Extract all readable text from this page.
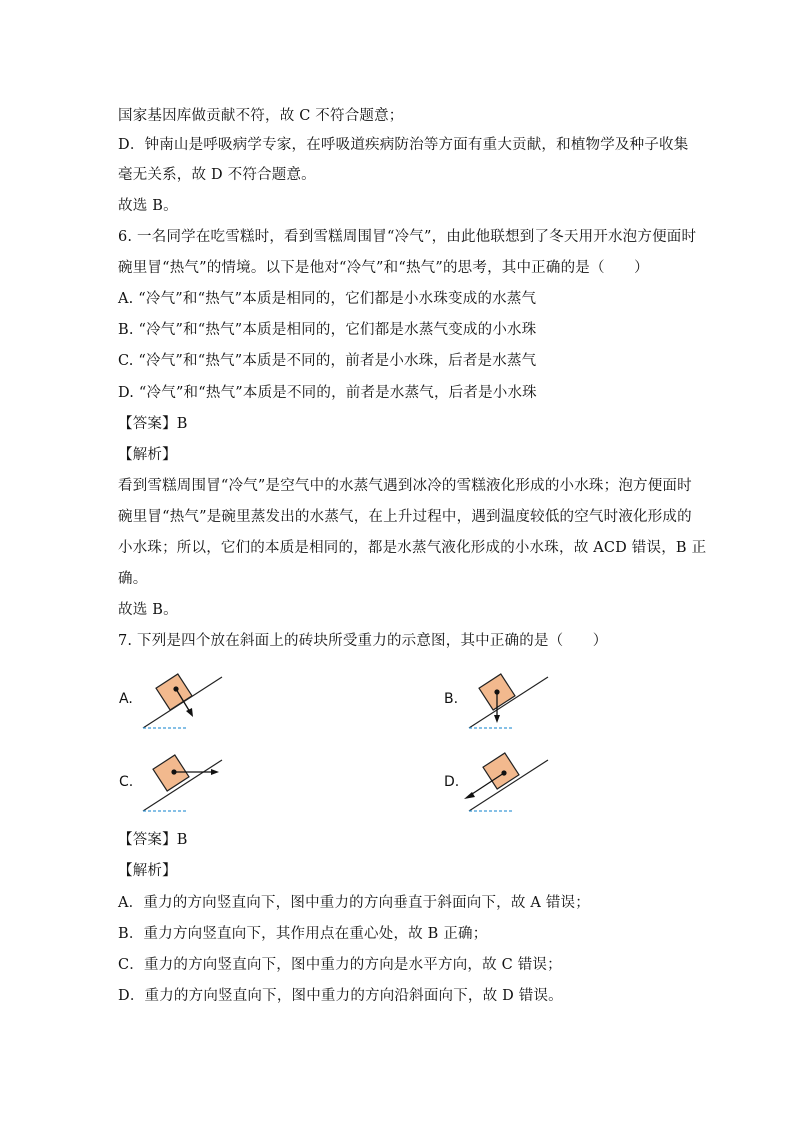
国家基因库做贡献不符，故 C 不符合题意；
D．钟南山是呼吸病学专家，在呼吸道疾病防治等方面有重大贡献，和植物学及种子收集
毫无关系，故 D 不符合题意。
故选 B。
6. 一名同学在吃雪糕时，看到雪糕周围冒“冷气”，由此他联想到了冬天用开水泡方便面时
碗里冒“热气”的情境。以下是他对“冷气”和“热气”的思考，其中正确的是（　　）
A. “冷气”和“热气”本质是相同的，它们都是小水珠变成的水蒸气
B. “冷气”和“热气”本质是相同的，它们都是水蒸气变成的小水珠
C. “冷气”和“热气”本质是不同的，前者是小水珠，后者是水蒸气
D. “冷气”和“热气”本质是不同的，前者是水蒸气，后者是小水珠
【答案】B
【解析】
看到雪糕周围冒“冷气”是空气中的水蒸气遇到冰冷的雪糕液化形成的小水珠；泡方便面时
碗里冒“热气”是碗里蒸发出的水蒸气，在上升过程中，遇到温度较低的空气时液化形成的
小水珠；所以，它们的本质是相同的，都是水蒸气液化形成的小水珠，故 ACD 错误，B 正
确。
故选 B。
7. 下列是四个放在斜面上的砖块所受重力的示意图，其中正确的是（　　）
A.	B.
C.	D.
【答案】B
【解析】
A．重力的方向竖直向下，图中重力的方向垂直于斜面向下，故 A 错误；
B．重力方向竖直向下，其作用点在重心处，故 B 正确；
C．重力的方向竖直向下，图中重力的方向是水平方向，故 C 错误；
D．重力的方向竖直向下，图中重力的方向沿斜面向下，故 D 错误。
